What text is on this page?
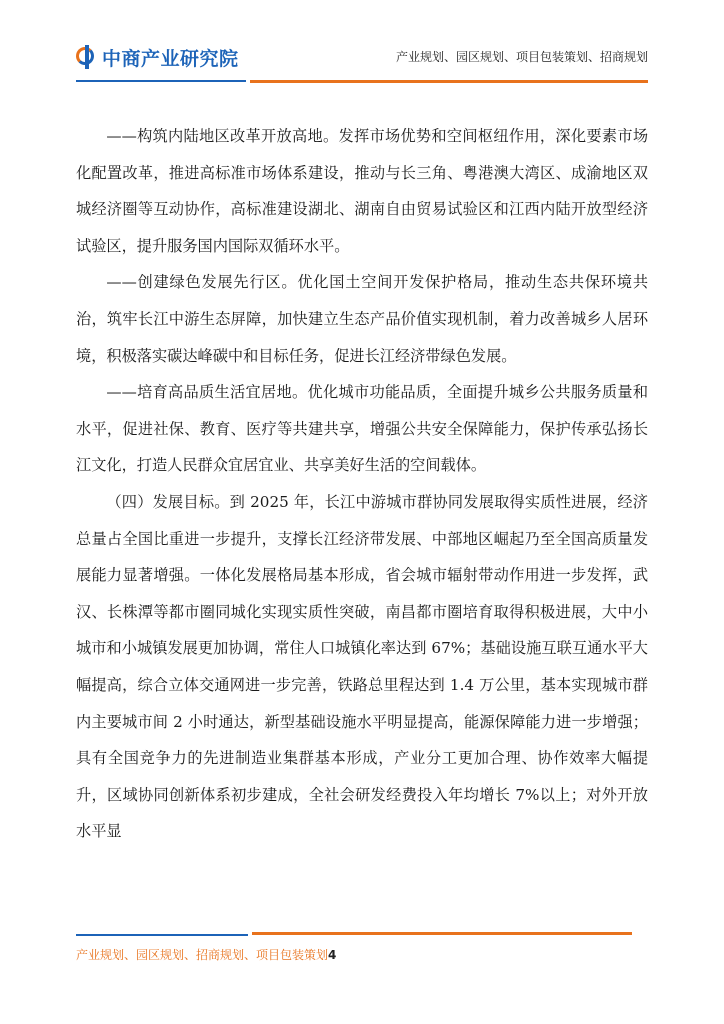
中商产业研究院	产业规划、园区规划、项目包装策划、招商规划

——构筑内陆地区改革开放高地。发挥市场优势和空间枢纽作用，深化要素市场化配置改革，推进高标准市场体系建设，推动与长三角、粤港澳大湾区、成渝地区双城经济圈等互动协作，高标准建设湖北、湖南自由贸易试验区和江西内陆开放型经济试验区，提升服务国内国际双循环水平。

——创建绿色发展先行区。优化国土空间开发保护格局，推动生态共保环境共治，筑牢长江中游生态屏障，加快建立生态产品价值实现机制，着力改善城乡人居环境，积极落实碳达峰碳中和目标任务，促进长江经济带绿色发展。

——培育高品质生活宜居地。优化城市功能品质，全面提升城乡公共服务质量和水平，促进社保、教育、医疗等共建共享，增强公共安全保障能力，保护传承弘扬长江文化，打造人民群众宜居宜业、共享美好生活的空间载体。

（四）发展目标。到 2025 年，长江中游城市群协同发展取得实质性进展，经济总量占全国比重进一步提升，支撑长江经济带发展、中部地区崛起乃至全国高质量发展能力显著增强。一体化发展格局基本形成，省会城市辐射带动作用进一步发挥，武汉、长株潭等都市圈同城化实现实质性突破，南昌都市圈培育取得积极进展，大中小城市和小城镇发展更加协调，常住人口城镇化率达到 67%；基础设施互联互通水平大幅提高，综合立体交通网进一步完善，铁路总里程达到 1.4 万公里，基本实现城市群内主要城市间 2 小时通达，新型基础设施水平明显提高，能源保障能力进一步增强；具有全国竞争力的先进制造业集群基本形成，产业分工更加合理、协作效率大幅提升，区域协同创新体系初步建成，全社会研发经费投入年均增长 7%以上；对外开放水平显

产业规划、园区规划、招商规划、项目包装策划4
